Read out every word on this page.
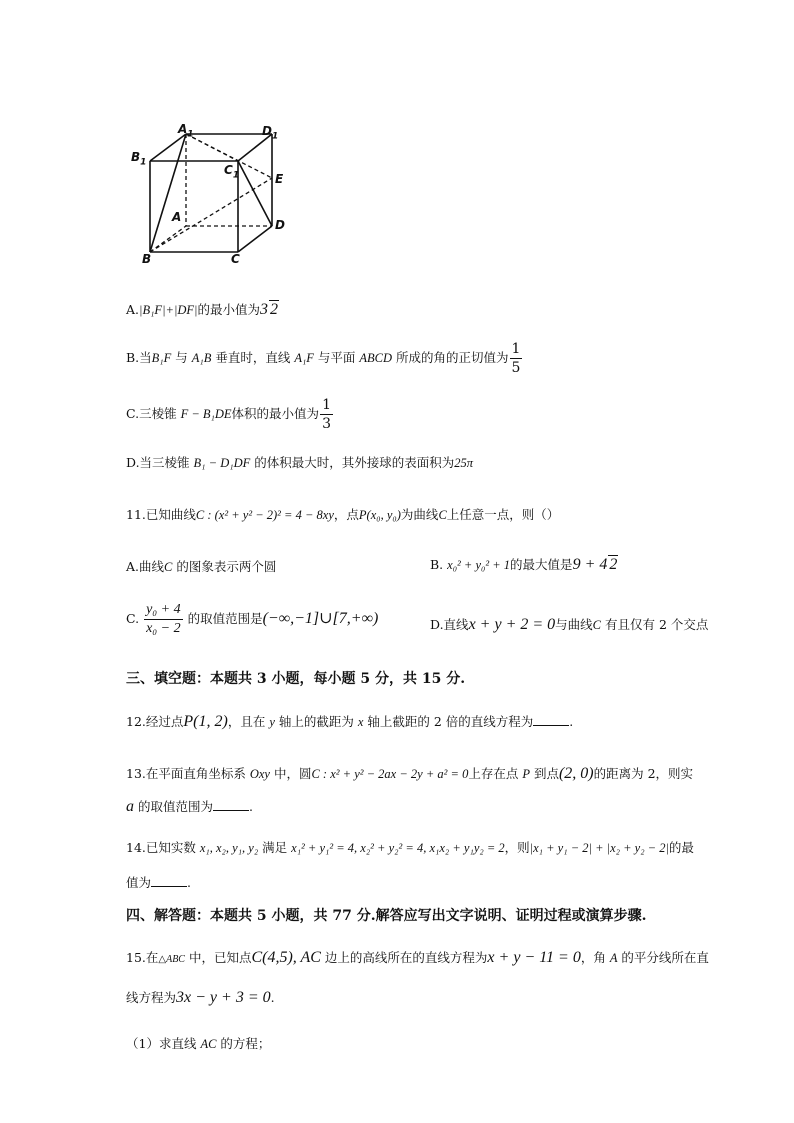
$A_1$	$D_1$
$B_1$
$C_1$	E
A
D
B	C
A.|B₁F|+|DF|的最小值为3 2
B.当B₁F 与 A₁B 垂直时，直线 A₁F 与平面 ABCD 所成的角的正切值为 $\frac{1}{5}$
C.三棱锥 F − B₁DE体积的最小值为 $\frac{1}{3}$
D.当三棱锥 B₁ − D₁DF 的体积最大时，其外接球的表面积为25π
11.已知曲线C : (x² + y² − 2)² = 4 − 8xy，点P(x₀, y₀)为曲线C上任意一点，则（）
A.曲线C 的图象表示两个圆	B. x₀² + y₀² + 1的最大值是9 + 4 2
C. $\frac{\text{y₀ + 4}}{\text{x₀ − 2}}$ 的取值范围是(−∞,−1]∪[7,+∞)	D.直线x + y + 2 = 0与曲线C 有且仅有 2 个交点
三、填空题：本题共 3 小题，每小题 5 分，共 15 分.
12.经过点P(1, 2)，且在 y 轴上的截距为 x 轴上截距的 2 倍的直线方程为	.
13.在平面直角坐标系 Oxy 中，圆C : x² + y² − 2ax − 2y + a² = 0上存在点 P 到点(2, 0)的距离为 2，则实
a 的取值范围为	.
14.已知实数 x₁, x₂, y₁, y₂ 满足 x₁² + y₁² = 4, x₂² + y₂² = 4, x₁x₂ + y₁y₂ = 2，则|x₁ + y₁ − 2| + |x₂ + y₂ − 2|的最
值为	.
四、解答题：本题共 5 小题，共 77 分.解答应写出文字说明、证明过程或演算步骤.
15.在△ABC 中，已知点C(4,5), AC 边上的高线所在的直线方程为x + y − 11 = 0，角 A 的平分线所在直
线方程为3x − y + 3 = 0.
（1）求直线 AC 的方程；
